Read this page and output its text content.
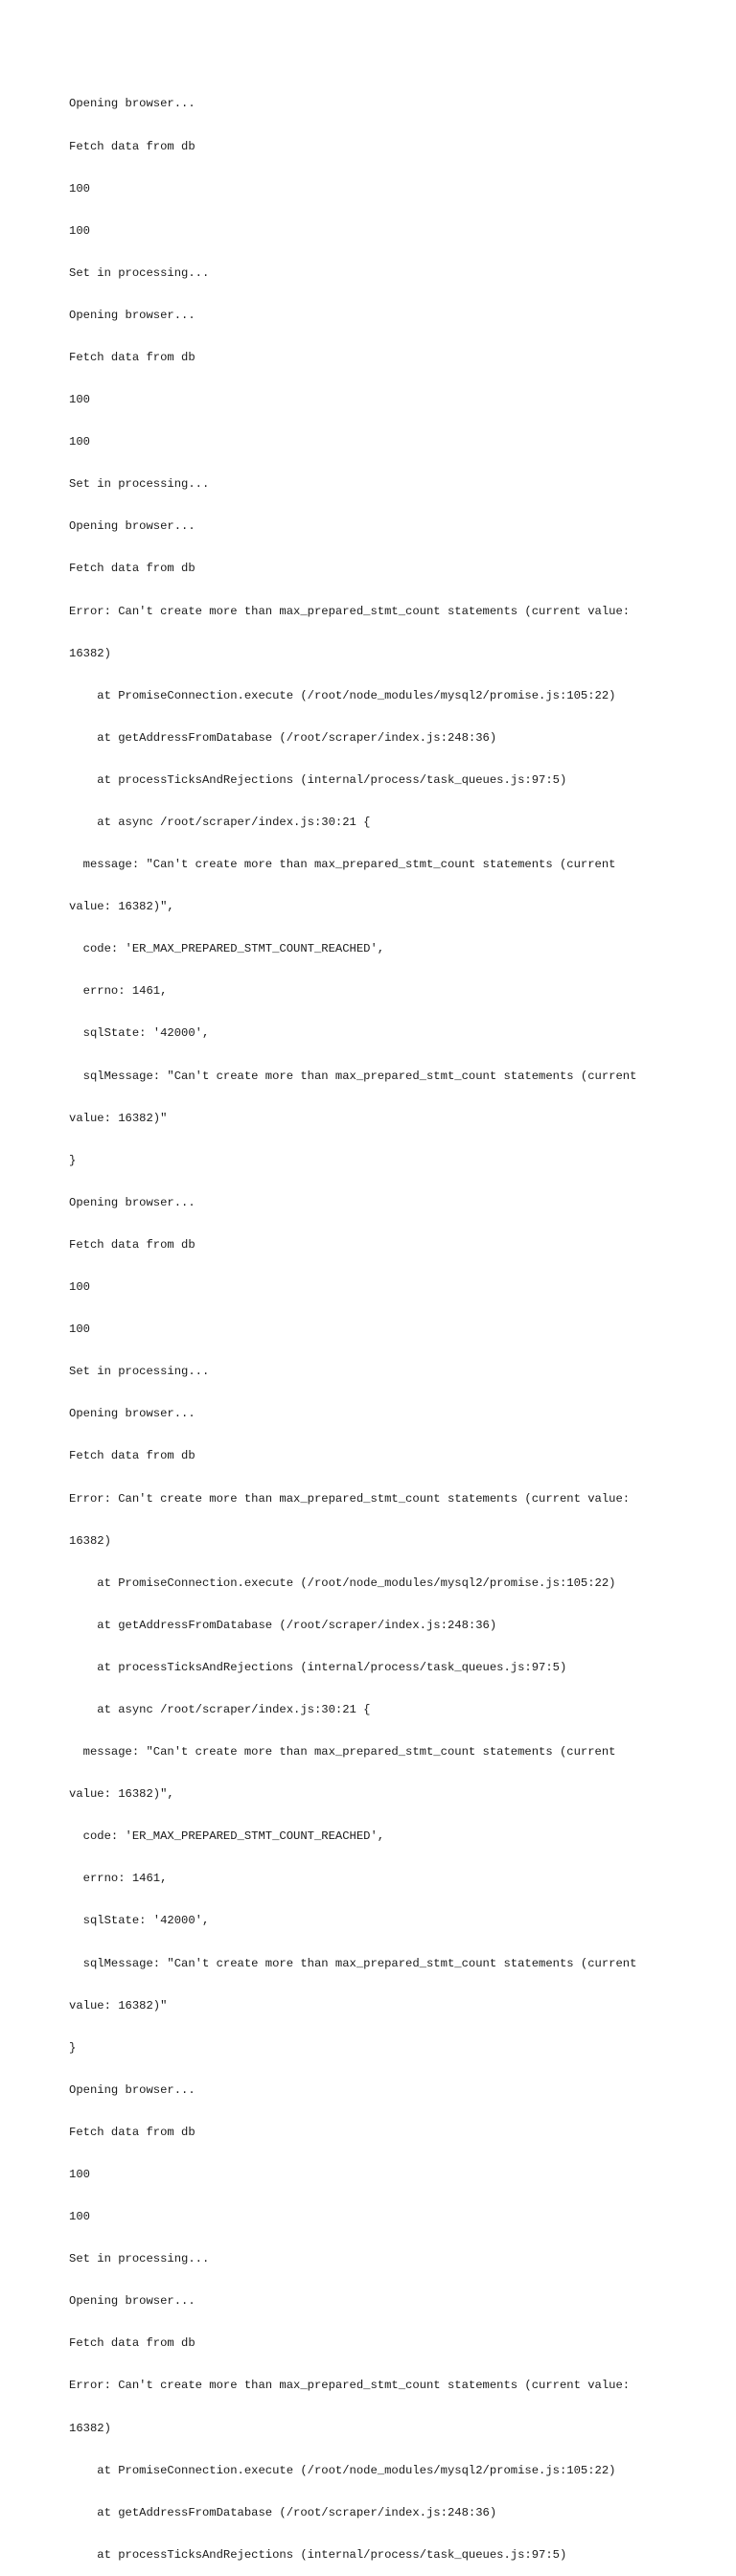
Opening browser...

Fetch data from db

100

100

Set in processing...

Opening browser...

Fetch data from db

100

100

Set in processing...

Opening browser...

Fetch data from db

Error: Can't create more than max_prepared_stmt_count statements (current value:

16382)

at PromiseConnection.execute (/root/node_modules/mysql2/promise.js:105:22)

at getAddressFromDatabase (/root/scraper/index.js:248:36)

at processTicksAndRejections (internal/process/task_queues.js:97:5)

at async /root/scraper/index.js:30:21 {

message: "Can't create more than max_prepared_stmt_count statements (current

value: 16382)",

code: 'ER_MAX_PREPARED_STMT_COUNT_REACHED',

errno: 1461,

sqlState: '42000',

sqlMessage: "Can't create more than max_prepared_stmt_count statements (current

value: 16382)"

}

Opening browser...

Fetch data from db

100

100

Set in processing...

Opening browser...

Fetch data from db

Error: Can't create more than max_prepared_stmt_count statements (current value:

16382)

at PromiseConnection.execute (/root/node_modules/mysql2/promise.js:105:22)

at getAddressFromDatabase (/root/scraper/index.js:248:36)

at processTicksAndRejections (internal/process/task_queues.js:97:5)

at async /root/scraper/index.js:30:21 {

message: "Can't create more than max_prepared_stmt_count statements (current

value: 16382)",

code: 'ER_MAX_PREPARED_STMT_COUNT_REACHED',

errno: 1461,

sqlState: '42000',

sqlMessage: "Can't create more than max_prepared_stmt_count statements (current

value: 16382)"

}

Opening browser...

Fetch data from db

100

100

Set in processing...

Opening browser...

Fetch data from db

Error: Can't create more than max_prepared_stmt_count statements (current value:

16382)

at PromiseConnection.execute (/root/node_modules/mysql2/promise.js:105:22)

at getAddressFromDatabase (/root/scraper/index.js:248:36)

at processTicksAndRejections (internal/process/task_queues.js:97:5)
